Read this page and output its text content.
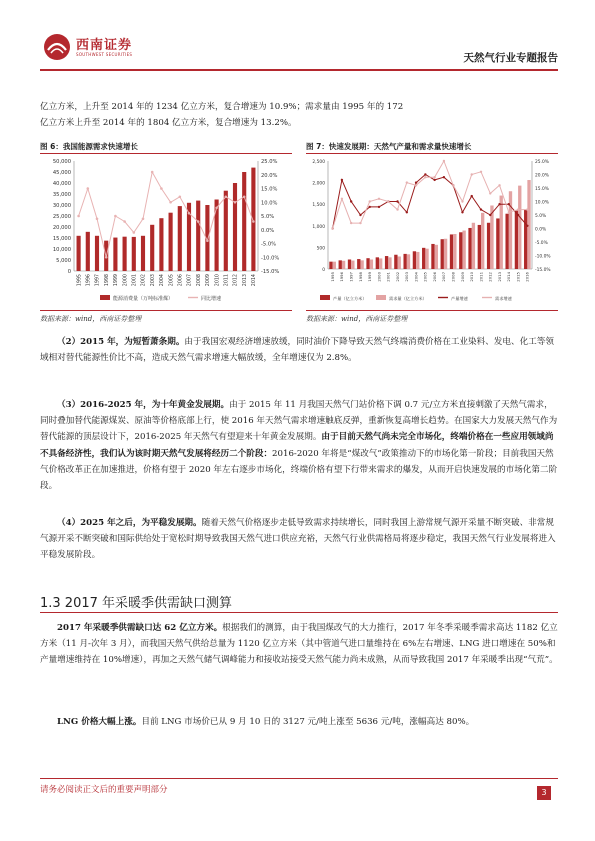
西南证券
SOUTHWEST SECURITIES	天然气行业专题报告
亿立方米，上升至 2014 年的 1234 亿立方米，复合增速为 10.9%；需求量由 1995 年的 172
亿立方米上升至 2014 年的 1804 亿立方米，复合增速为 13.2%。
图 6：我国能源需求快速增长
50,000
45,000
40,000
35,000
30,000
25,000
20,000
15,000
10,000
5,000
0
25.0%
20.0%
15.0%
10.0%
5.0%
0.0%
-5.0%
-10.0%
-15.0%
1995 1996 1997 1998 1999 2000 2001 2002 2003 2004 2005 2006 2007 2008 2009 2010 2011 2012 2013 2014
能源消费量（万吨标准煤）	同比增速
数据来源：wind，西南证券整理
图 7：快速发展期：天然气产量和需求量快速增长
2,500
2,000
1,500
1,000
500
0
25.0%
20.0%
15.0%
10.0%
5.0%
0.0%
-5.0%
-10.0%
-15.0%
1995 1996 1997 1998 1999 2000 2001 2002 2003 2004 2005 2006 2007 2008 2009 2010 2011 2012 2013 2014 2015 2016
产量（亿立方米）	需求量（亿立方米）	产量增速	需求增速
数据来源：wind，西南证券整理
（2）2015 年，为短暂萧条期。由于我国宏观经济增速放缓，同时油价下降导致天然气终端消费价格在工业染料、发电、化工等领域相对替代能源性价比不高，造成天然气需求增速大幅放缓，全年增速仅为 2.8%。
（3）2016-2025 年，为十年黄金发展期。由于 2015 年 11 月我国天然气门站价格下调 0.7 元/立方米直接刺激了天然气需求，同时叠加替代能源煤炭、原油等价格底部上行，使 2016 年天然气需求增速触底反弹，重新恢复高增长趋势。在国家大力发展天然气作为替代能源的顶层设计下，2016-2025 年天然气有望迎来十年黄金发展期。由于目前天然气尚未完全市场化，终端价格在一些应用领域尚不具备经济性，我们认为该时期天然气发展将经历二个阶段：2016-2020 年将是“煤改气”政策推动下的市场化第一阶段；目前我国天然气价格改革正在加速推进，价格有望于 2020 年左右逐步市场化，终端价格有望下行带来需求的爆发，从而开启快速发展的市场化第二阶段。
（4）2025 年之后，为平稳发展期。随着天然气价格逐步走低导致需求持续增长，同时我国上游常规气源开采量不断突破、非常规气源开采不断突破和国际供给处于宽松时期导致我国天然气进口供应充裕，天然气行业供需格局将逐步稳定，我国天然气行业发展将进入平稳发展阶段。
1.3 2017 年采暖季供需缺口测算
2017 年采暖季供需缺口达 62 亿立方米。根据我们的测算，由于我国煤改气的大力推行，2017 年冬季采暖季需求高达 1182 亿立方米（11 月-次年 3 月），而我国天然气供给总量为 1120 亿立方米（其中管道气进口量维持在 6%左右增速、LNG 进口增速在 50%和产量增速维持在 10%增速），再加之天然气储气调峰能力和接收站接受天然气能力尚未成熟，从而导致我国 2017 年采暖季出现“气荒”。
LNG 价格大幅上涨。目前 LNG 市场价已从 9 月 10 日的 3127 元/吨上涨至 5636 元/吨，涨幅高达 80%。
请务必阅读正文后的重要声明部分	3
